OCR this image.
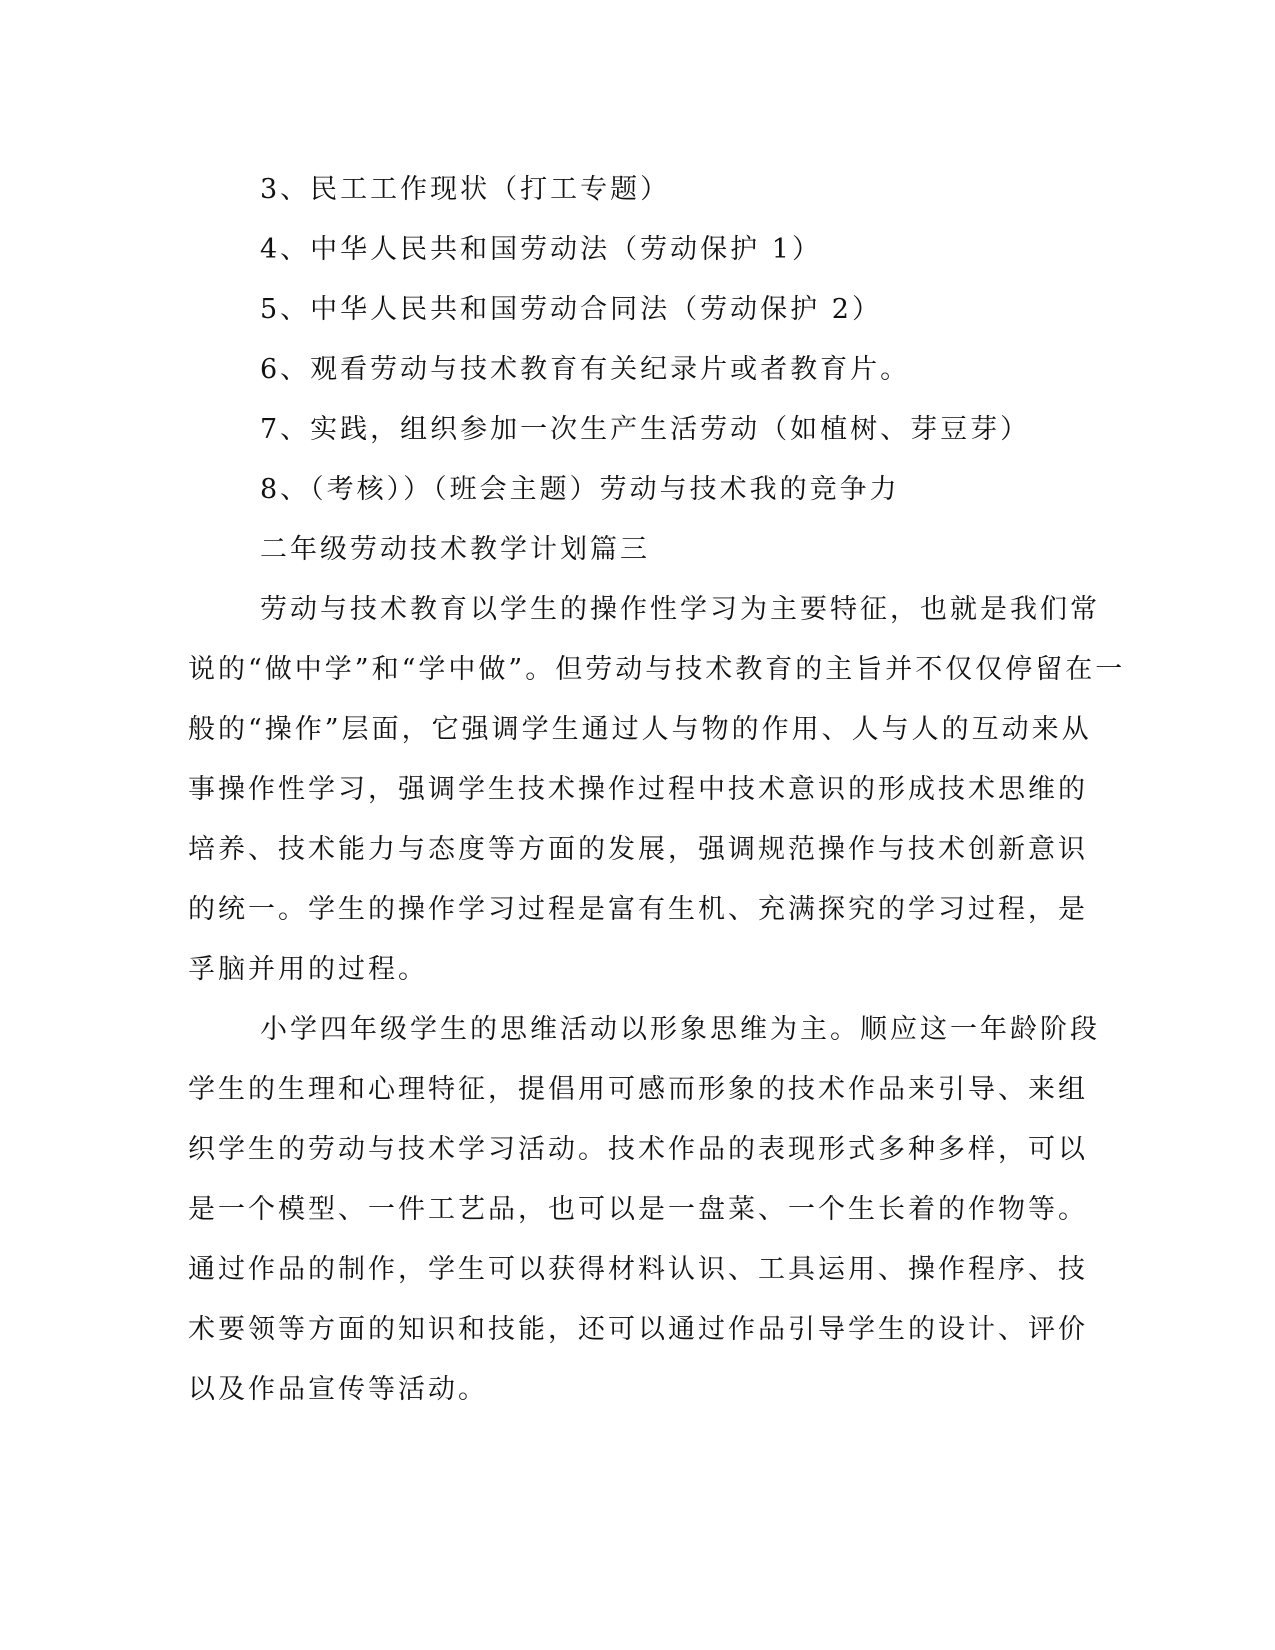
3、民工工作现状（打工专题）

4、中华人民共和国劳动法（劳动保护 1）

5、中华人民共和国劳动合同法（劳动保护 2）

6、观看劳动与技术教育有关纪录片或者教育片。

7、实践，组织参加一次生产生活劳动（如植树、芽豆芽）

8、（考核））（班会主题）劳动与技术我的竞争力

二年级劳动技术教学计划篇三

劳动与技术教育以学生的操作性学习为主要特征，也就是我们常
说的“做中学”和“学中做”。但劳动与技术教育的主旨并不仅仅停留在一
般的“操作”层面，它强调学生通过人与物的作用、人与人的互动来从
事操作性学习，强调学生技术操作过程中技术意识的形成技术思维的
培养、技术能力与态度等方面的发展，强调规范操作与技术创新意识
的统一。学生的操作学习过程是富有生机、充满探究的学习过程，是
孚脑并用的过程。
小学四年级学生的思维活动以形象思维为主。顺应这一年龄阶段
学生的生理和心理特征，提倡用可感而形象的技术作品来引导、来组
织学生的劳动与技术学习活动。技术作品的表现形式多种多样，可以
是一个模型、一件工艺品，也可以是一盘菜、一个生长着的作物等。
通过作品的制作，学生可以获得材料认识、工具运用、操作程序、技
术要领等方面的知识和技能，还可以通过作品引导学生的设计、评价
以及作品宣传等活动。
